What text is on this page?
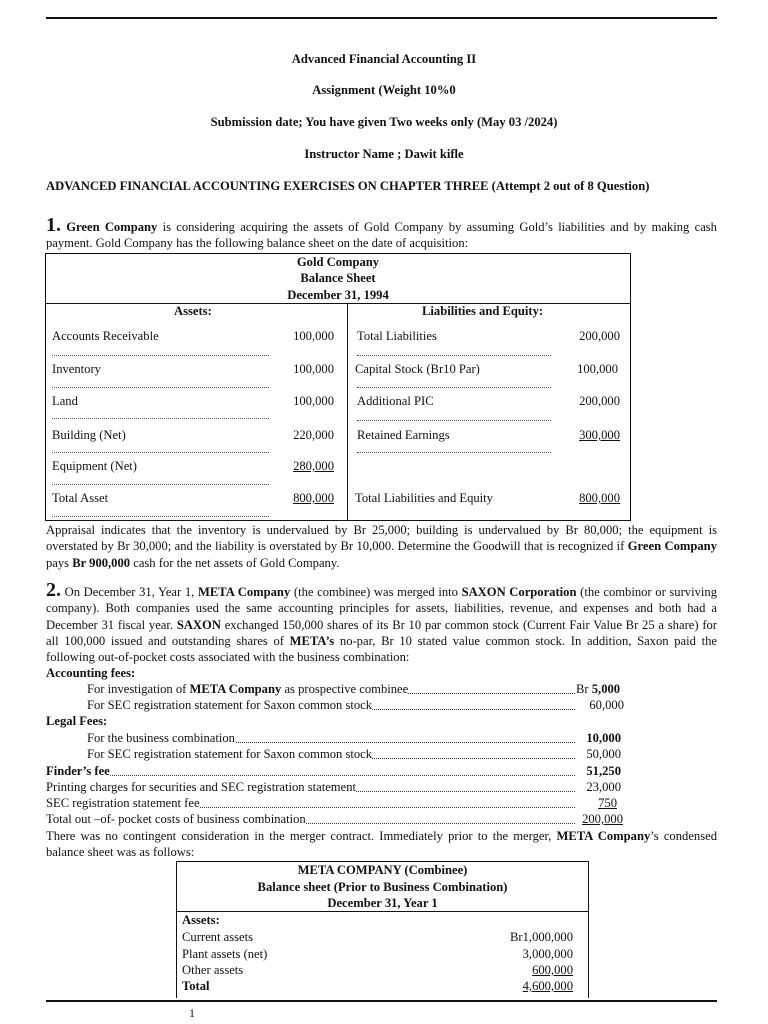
Advanced Financial Accounting II
Assignment (Weight 10%0
Submission date; You have given Two weeks only (May 03 /2024)
Instructor Name ; Dawit kifle
ADVANCED FINANCIAL ACCOUNTING EXERCISES ON CHAPTER THREE (Attempt 2 out of 8 Question)
1. Green Company is considering acquiring the assets of Gold Company by assuming Gold’s liabilities and by making cash payment. Gold Company has the following balance sheet on the date of acquisition:
Gold Company
Balance Sheet
December 31, 1994
Assets:	Liabilities and Equity:
Accounts Receivable	100,000
Inventory	100,000
Land	100,000
Building (Net)	220,000
Equipment (Net)	280,000
Total Asset	800,000
Total Liabilities	200,000
Capital Stock (Br10 Par)	100,000
Additional PIC	200,000
Retained Earnings	300,000
Total Liabilities and Equity	800,000
Appraisal indicates that the inventory is undervalued by Br 25,000; building is undervalued by Br 80,000; the equipment is overstated by Br 30,000; and the liability is overstated by Br 10,000. Determine the Goodwill that is recognized if Green Company pays Br 900,000 cash for the net assets of Gold Company.
2. On December 31, Year 1, META Company (the combinee) was merged into SAXON Corporation (the combinor or surviving company). Both companies used the same accounting principles for assets, liabilities, revenue, and expenses and both had a December 31 fiscal year. SAXON exchanged 150,000 shares of its Br 10 par common stock (Current Fair Value Br 25 a share) for all 100,000 issued and outstanding shares of META’s no-par, Br 10 stated value common stock. In addition, Saxon paid the following out-of-pocket costs associated with the business combination:
Accounting fees:
For investigation of META Company as prospective combinee	Br 5,000
For SEC registration statement for Saxon common stock	60,000
Legal Fees:
For the business combination	10,000
For SEC registration statement for Saxon common stock	50,000
Finder’s fee	51,250
Printing charges for securities and SEC registration statement	23,000
SEC registration statement fee	750
Total out –of- pocket costs of business combination	200,000
There was no contingent consideration in the merger contract. Immediately prior to the merger, META Company’s condensed balance sheet was as follows:
META COMPANY (Combinee)
Balance sheet (Prior to Business Combination)
December 31, Year 1
Assets:
Current assets	Br1,000,000
Plant assets (net)	3,000,000
Other assets	600,000
Total	4,600,000
1
